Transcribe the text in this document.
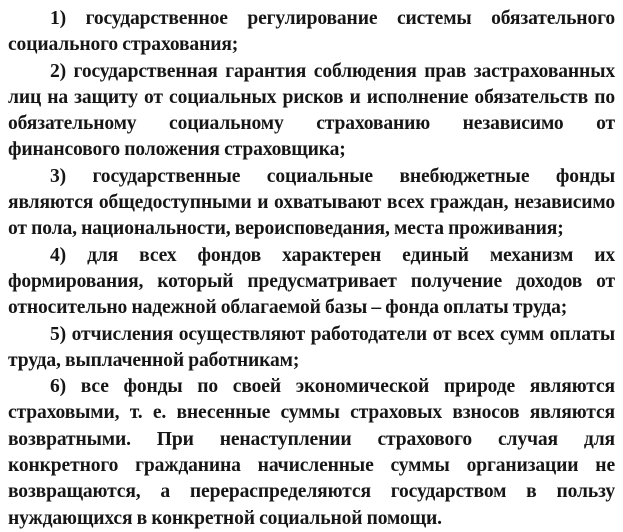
1) государственное регулирование системы обязательного социального страхования;

2) государственная гарантия соблюдения прав застрахованных лиц на защиту от социальных рисков и исполнение обязательств по обязательному социальному страхованию независимо от финансового положения страховщика;

3) государственные социальные внебюджетные фонды являются общедоступными и охватывают всех граждан, независимо от пола, национальности, вероисповедания, места проживания;

4) для всех фондов характерен единый механизм их формирования, который предусматривает получение доходов от относительно надежной облагаемой базы – фонда оплаты труда;

5) отчисления осуществляют работодатели от всех сумм оплаты труда, выплаченной работникам;

6) все фонды по своей экономической природе являются страховыми, т. е. внесенные суммы страховых взносов являются возвратными. При ненаступлении страхового случая для конкретного гражданина начисленные суммы организации не возвращаются, а перераспределяются государством в пользу нуждающихся в конкретной социальной помощи.
